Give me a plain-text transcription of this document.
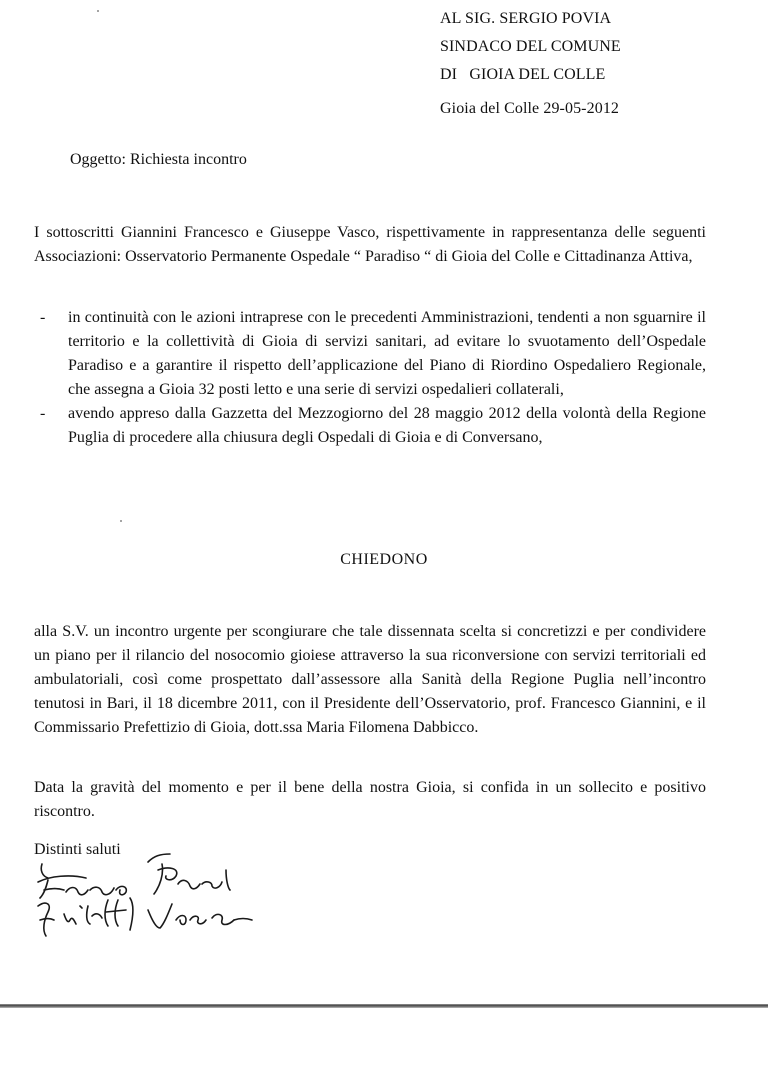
AL SIG. SERGIO POVIA
SINDACO DEL COMUNE
DI   GIOIA DEL COLLE
Gioia del Colle 29-05-2012
Oggetto: Richiesta incontro
I sottoscritti Giannini Francesco e Giuseppe Vasco, rispettivamente in rappresentanza delle seguenti Associazioni: Osservatorio Permanente Ospedale “ Paradiso “ di Gioia del Colle e Cittadinanza Attiva,
- in continuità con le azioni intraprese con le precedenti Amministrazioni, tendenti a non sguarnire il territorio e la collettività di Gioia di servizi sanitari, ad evitare lo svuotamento dell’Ospedale Paradiso e a garantire il rispetto dell’applicazione del Piano di Riordino Ospedaliero Regionale, che assegna a Gioia 32 posti letto e una serie di servizi ospedalieri collaterali,
- avendo appreso dalla Gazzetta del Mezzogiorno del 28 maggio 2012 della volontà della Regione Puglia di procedere alla chiusura degli Ospedali di Gioia e di Conversano,
CHIEDONO
alla S.V. un incontro urgente per scongiurare che tale dissennata scelta si concretizzi e per condividere un piano per il rilancio del nosocomio gioiese attraverso la sua riconversione con servizi territoriali ed ambulatoriali, così come prospettato dall’assessore alla Sanità della Regione Puglia nell’incontro tenutosi in Bari, il 18 dicembre 2011, con il Presidente dell’Osservatorio, prof. Francesco Giannini, e il Commissario Prefettizio di Gioia, dott.ssa Maria Filomena Dabbicco.
Data la gravità del momento e per il bene della nostra Gioia, si confida in un sollecito e positivo riscontro.
Distinti saluti
